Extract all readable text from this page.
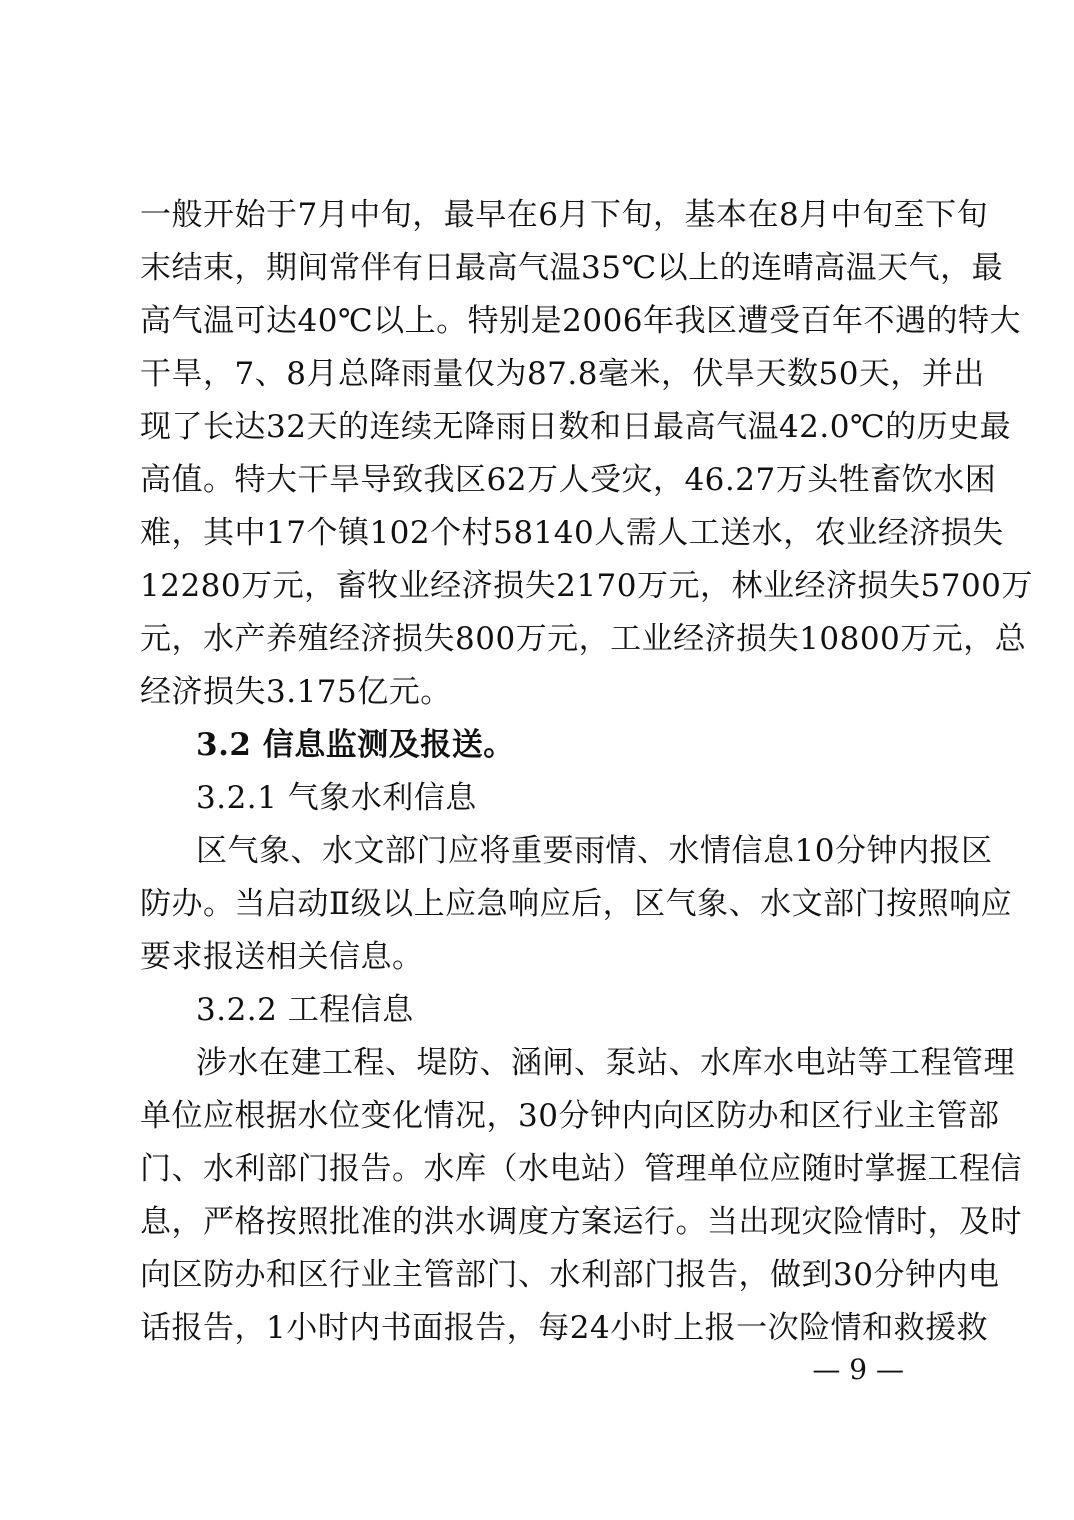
一般开始于7月中旬，最早在6月下旬，基本在8月中旬至下旬
末结束，期间常伴有日最高气温35℃以上的连晴高温天气，最
高气温可达40℃以上。特别是2006年我区遭受百年不遇的特大
干旱，7、8月总降雨量仅为87.8毫米，伏旱天数50天，并出
现了长达32天的连续无降雨日数和日最高气温42.0℃的历史最
高值。特大干旱导致我区62万人受灾，46.27万头牲畜饮水困
难，其中17个镇102个村58140人需人工送水，农业经济损失
12280万元，畜牧业经济损失2170万元，林业经济损失5700万
元，水产养殖经济损失800万元，工业经济损失10800万元，总
经济损失3.175亿元。
3.2 信息监测及报送。
3.2.1 气象水利信息
区气象、水文部门应将重要雨情、水情信息10分钟内报区
防办。当启动Ⅱ级以上应急响应后，区气象、水文部门按照响应
要求报送相关信息。
3.2.2 工程信息
涉水在建工程、堤防、涵闸、泵站、水库水电站等工程管理
单位应根据水位变化情况，30分钟内向区防办和区行业主管部
门、水利部门报告。水库（水电站）管理单位应随时掌握工程信
息，严格按照批准的洪水调度方案运行。当出现灾险情时，及时
向区防办和区行业主管部门、水利部门报告，做到30分钟内电
话报告，1小时内书面报告，每24小时上报一次险情和救援救
— 9 —
